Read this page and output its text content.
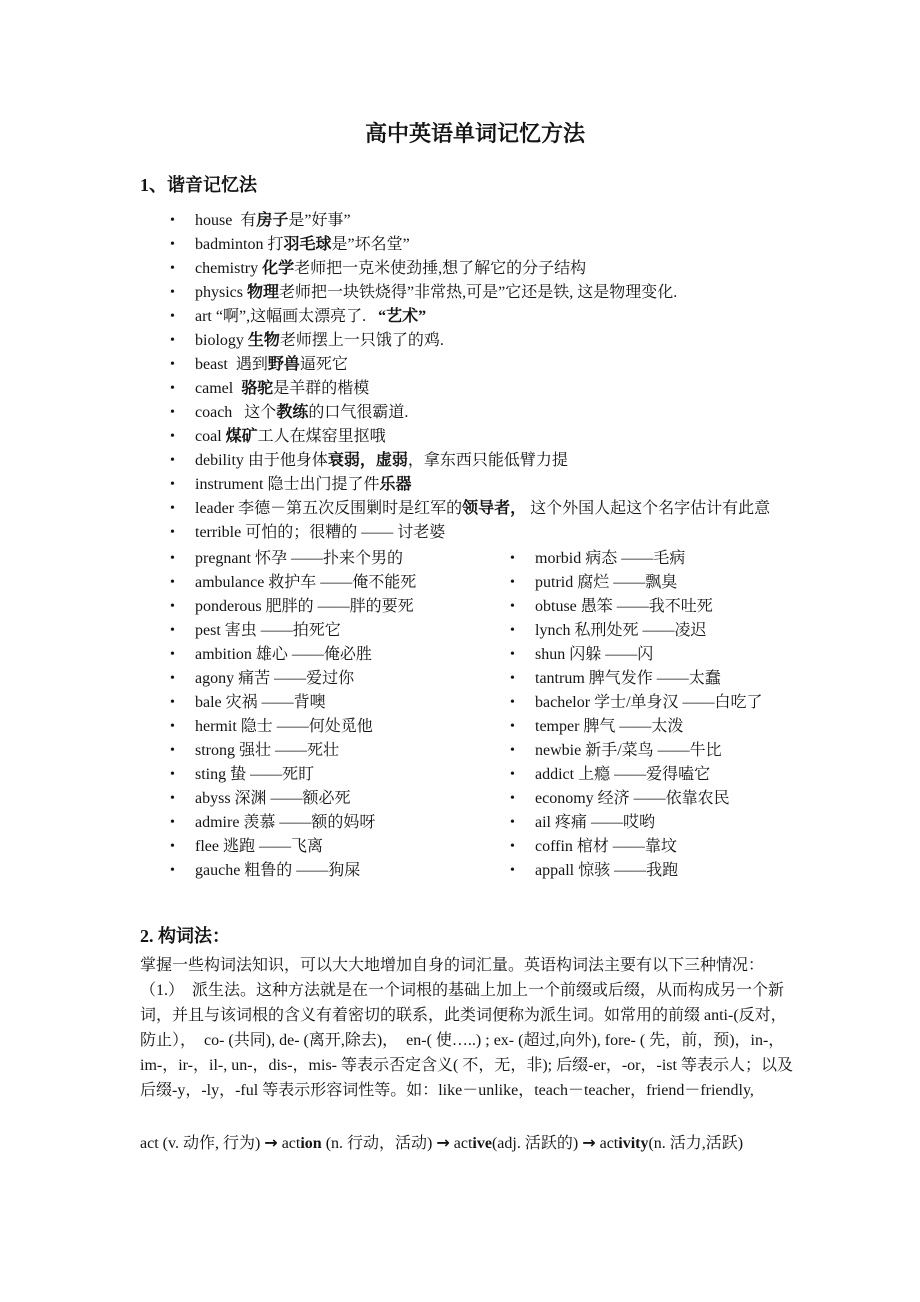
高中英语单词记忆方法
1、谐音记忆法
• house  有房子是”好事”
• badminton 打羽毛球是”坏名堂”
• chemistry 化学老师把一克米使劲捶,想了解它的分子结构
• physics 物理老师把一块铁烧得”非常热,可是”它还是铁, 这是物理变化.
• art “啊”,这幅画太漂亮了.   “艺术”
• biology 生物老师摆上一只饿了的鸡.
• beast  遇到野兽逼死它
• camel  骆驼是羊群的楷模
• coach   这个教练的口气很霸道.
• coal 煤矿工人在煤窑里抠哦
• debility 由于他身体衰弱，虚弱，拿东西只能低臂力提
• instrument 隐士出门提了件乐器
• leader 李德－第五次反围剿时是红军的领导者， 这个外国人起这个名字估计有此意
• terrible 可怕的；很糟的 —— 讨老婆
• pregnant 怀孕 ——扑来个男的
• ambulance 救护车 ——俺不能死
• ponderous 肥胖的 ——胖的要死
• pest 害虫 ——拍死它
• ambition 雄心 ——俺必胜
• agony 痛苦 ——爱过你
• bale 灾祸 ——背噢
• hermit 隐士 ——何处觅他
• strong 强壮 ——死壮
• sting 蛰 ——死盯
• abyss 深渊 ——额必死
• admire 羡慕 ——额的妈呀
• flee 逃跑 ——飞离
• gauche 粗鲁的 ——狗屎
• morbid 病态 ——毛病
• putrid 腐烂 ——飘臭
• obtuse 愚笨 ——我不吐死
• lynch 私刑处死 ——凌迟
• shun 闪躲 ——闪
• tantrum 脾气发作 ——太蠢
• bachelor 学士/单身汉 ——白吃了
• temper 脾气 ——太泼
• newbie 新手/菜鸟 ——牛比
• addict 上瘾 ——爱得嗑它
• economy 经济 ——依靠农民
• ail 疼痛 ——哎哟
• coffin 棺材 ——靠坟
• appall 惊骇 ——我跑
2. 构词法：

掌握一些构词法知识，可以大大地增加自身的词汇量。英语构词法主要有以下三种情况：

（1.）  派生法。这种方法就是在一个词根的基础上加上一个前缀或后缀，从而构成另一个新词，并且与该词根的含义有着密切的联系，此类词便称为派生词。如常用的前缀 anti-(反对，防止），  co- (共同), de- (离开,除去)，  en-( 使…..) ; ex- (超过,向外), fore- ( 先，前，预)，in-，im-，ir-，il-, un-，dis-，mis- 等表示否定含义( 不，无，非); 后缀-er，-or，-ist 等表示人；以及后缀-y，-ly，-ful 等表示形容词性等。如：like－unlike，teach－teacher，friend－friendly,

act (v. 动作, 行为) → action (n. 行动，活动) → active(adj. 活跃的) → activity(n. 活力,活跃)
